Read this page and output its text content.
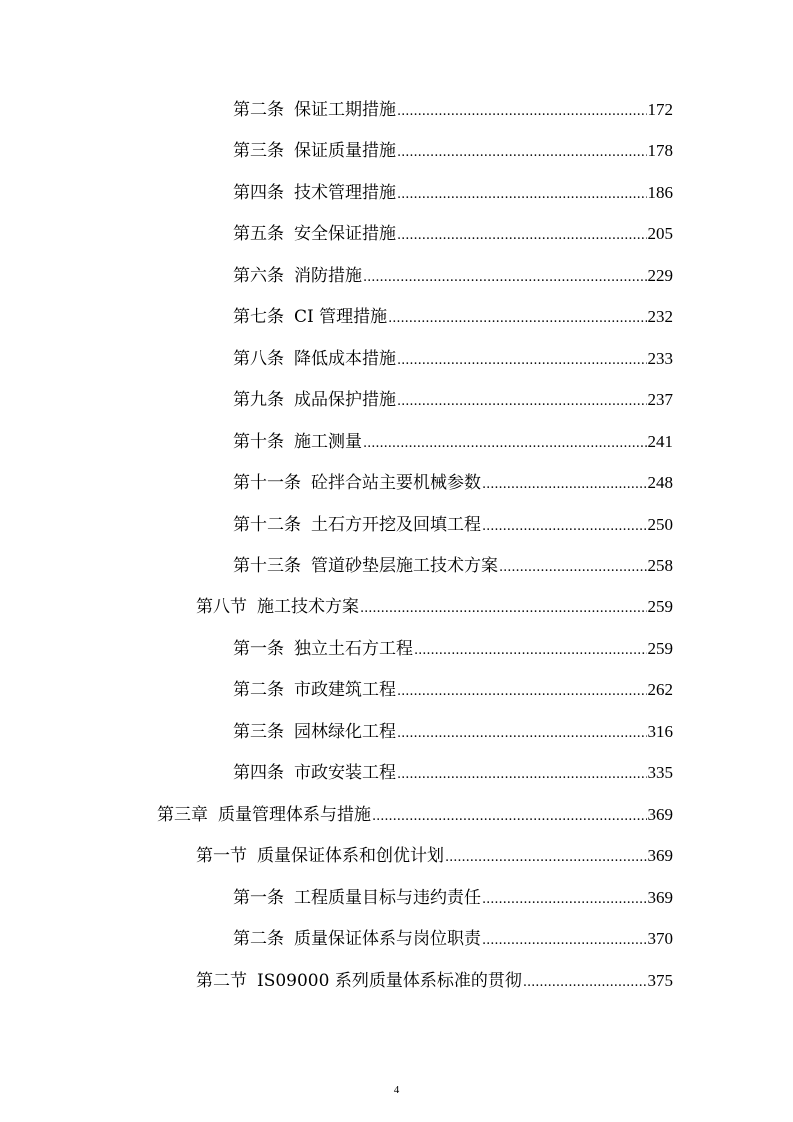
第二条 保证工期措施 .....	172
第三条 保证质量措施 .....	178
第四条 技术管理措施 .....	186
第五条 安全保证措施 .....	205
第六条 消防措施 .....	229
第七条 CI 管理措施 .....	232
第八条 降低成本措施 .....	233
第九条 成品保护措施 .....	237
第十条 施工测量 .....	241
第十一条 砼拌合站主要机械参数 .....	248
第十二条 土石方开挖及回填工程 .....	250
第十三条 管道砂垫层施工技术方案 .....	258
第八节 施工技术方案 .....	259
第一条 独立土石方工程 .....	259
第二条 市政建筑工程 .....	262
第三条 园林绿化工程 .....	316
第四条 市政安装工程 .....	335
第三章 质量管理体系与措施 .....	369
第一节 质量保证体系和创优计划 .....	369
第一条 工程质量目标与违约责任 .....	369
第二条 质量保证体系与岗位职责 .....	370
第二节 IS09000 系列质量体系标准的贯彻 .....	375
4
